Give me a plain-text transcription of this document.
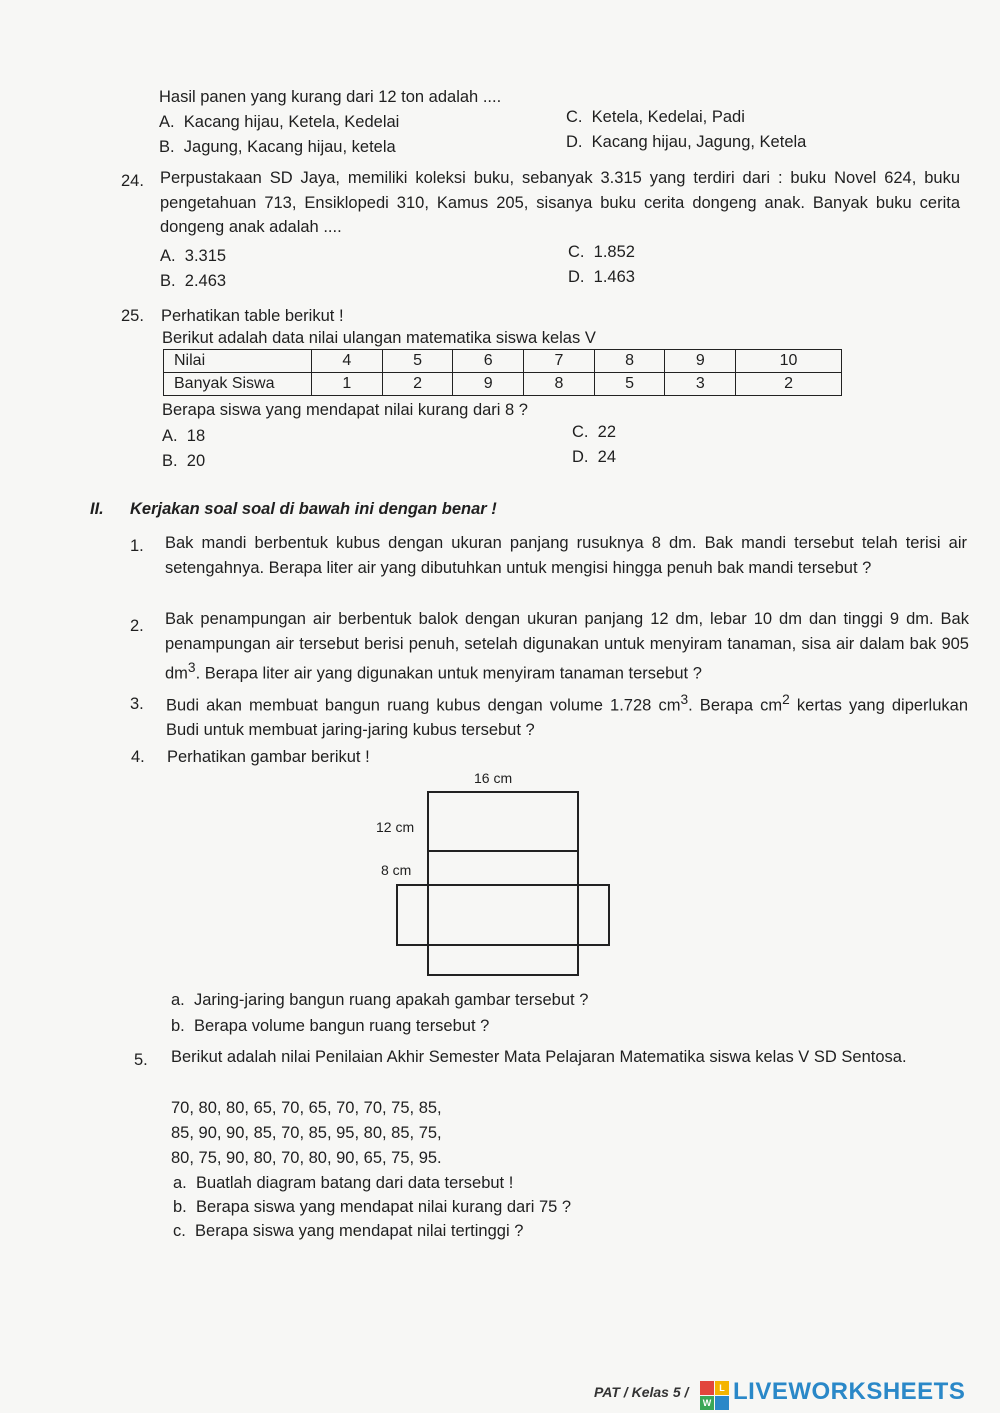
Hasil panen yang kurang dari 12 ton adalah ....
A. Kacang hijau, Ketela, Kedelai
B. Jagung, Kacang hijau, ketela
C. Ketela, Kedelai, Padi
D. Kacang hijau, Jagung, Ketela
24. Perpustakaan SD Jaya, memiliki koleksi buku, sebanyak 3.315 yang terdiri dari : buku Novel 624, buku pengetahuan 713, Ensiklopedi 310, Kamus 205, sisanya buku cerita dongeng anak. Banyak buku cerita dongeng anak adalah ....
A. 3.315
B. 2.463
C. 1.852
D. 1.463
25. Perhatikan table berikut !
Berikut adalah data nilai ulangan matematika siswa kelas V
Nilai	4	5	6	7	8	9	10
Banyak Siswa	1	2	9	8	5	3	2
Berapa siswa yang mendapat nilai kurang dari 8 ?
A. 18
B. 20
C. 22
D. 24
II. Kerjakan soal soal di bawah ini dengan benar !
1. Bak mandi berbentuk kubus dengan ukuran panjang rusuknya 8 dm. Bak mandi tersebut telah terisi air setengahnya. Berapa liter air yang dibutuhkan untuk mengisi hingga penuh bak mandi tersebut ?
2. Bak penampungan air berbentuk balok dengan ukuran panjang 12 dm, lebar 10 dm dan tinggi 9 dm. Bak penampungan air tersebut berisi penuh, setelah digunakan untuk menyiram tanaman, sisa air dalam bak 905 $dm^3$. Berapa liter air yang digunakan untuk menyiram tanaman tersebut ?
3. Budi akan membuat bangun ruang kubus dengan volume 1.728 $cm^3$. Berapa $cm^2$ kertas yang diperlukan Budi untuk membuat jaring-jaring kubus tersebut ?
4. Perhatikan gambar berikut !
16 cm
12 cm
8 cm
a. Jaring-jaring bangun ruang apakah gambar tersebut ?
b. Berapa volume bangun ruang tersebut ?
5. Berikut adalah nilai Penilaian Akhir Semester Mata Pelajaran Matematika siswa kelas V SD Sentosa.
70, 80, 80, 65, 70, 65, 70, 70, 75, 85,
85, 90, 90, 85, 70, 85, 95, 80, 85, 75,
80, 75, 90, 80, 70, 80, 90, 65, 75, 95.
a. Buatlah diagram batang dari data tersebut !
b. Berapa siswa yang mendapat nilai kurang dari 75 ?
c. Berapa siswa yang mendapat nilai tertinggi ?
PAT / Kelas 5 /	L
W LIVEWORKSHEETS
